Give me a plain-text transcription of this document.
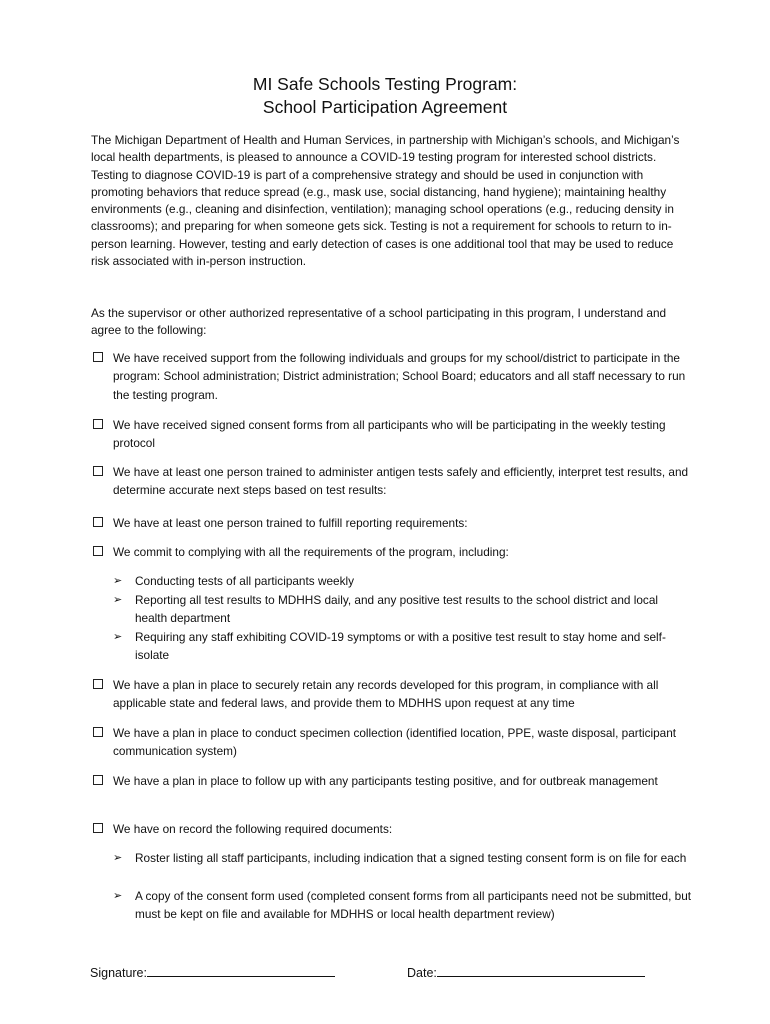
MI Safe Schools Testing Program:
School Participation Agreement
The Michigan Department of Health and Human Services, in partnership with Michigan’s schools, and Michigan’s local health departments, is pleased to announce a COVID-19 testing program for interested school districts. Testing to diagnose COVID-19 is part of a comprehensive strategy and should be used in conjunction with promoting behaviors that reduce spread (e.g., mask use, social distancing, hand hygiene); maintaining healthy environments (e.g., cleaning and disinfection, ventilation); managing school operations (e.g., reducing density in classrooms); and preparing for when someone gets sick. Testing is not a requirement for schools to return to in-person learning. However, testing and early detection of cases is one additional tool that may be used to reduce risk associated with in-person instruction.
As the supervisor or other authorized representative of a school participating in this program, I understand and agree to the following:
We have received support from the following individuals and groups for my school/district to participate in the program: School administration; District administration; School Board; educators and all staff necessary to run the testing program.
We have received signed consent forms from all participants who will be participating in the weekly testing protocol
We have at least one person trained to administer antigen tests safely and efficiently, interpret test results, and determine accurate next steps based on test results:
We have at least one person trained to fulfill reporting requirements:
We commit to complying with all the requirements of the program, including:
➢ Conducting tests of all participants weekly
➢ Reporting all test results to MDHHS daily, and any positive test results to the school district and local health department
➢ Requiring any staff exhibiting COVID-19 symptoms or with a positive test result to stay home and self-isolate
We have a plan in place to securely retain any records developed for this program, in compliance with all applicable state and federal laws, and provide them to MDHHS upon request at any time
We have a plan in place to conduct specimen collection (identified location, PPE, waste disposal, participant communication system)
We have a plan in place to follow up with any participants testing positive, and for outbreak management
We have on record the following required documents:
➢ Roster listing all staff participants, including indication that a signed testing consent form is on file for each
➢ A copy of the consent form used (completed consent forms from all participants need not be submitted, but must be kept on file and available for MDHHS or local health department review)
Signature:	Date:
